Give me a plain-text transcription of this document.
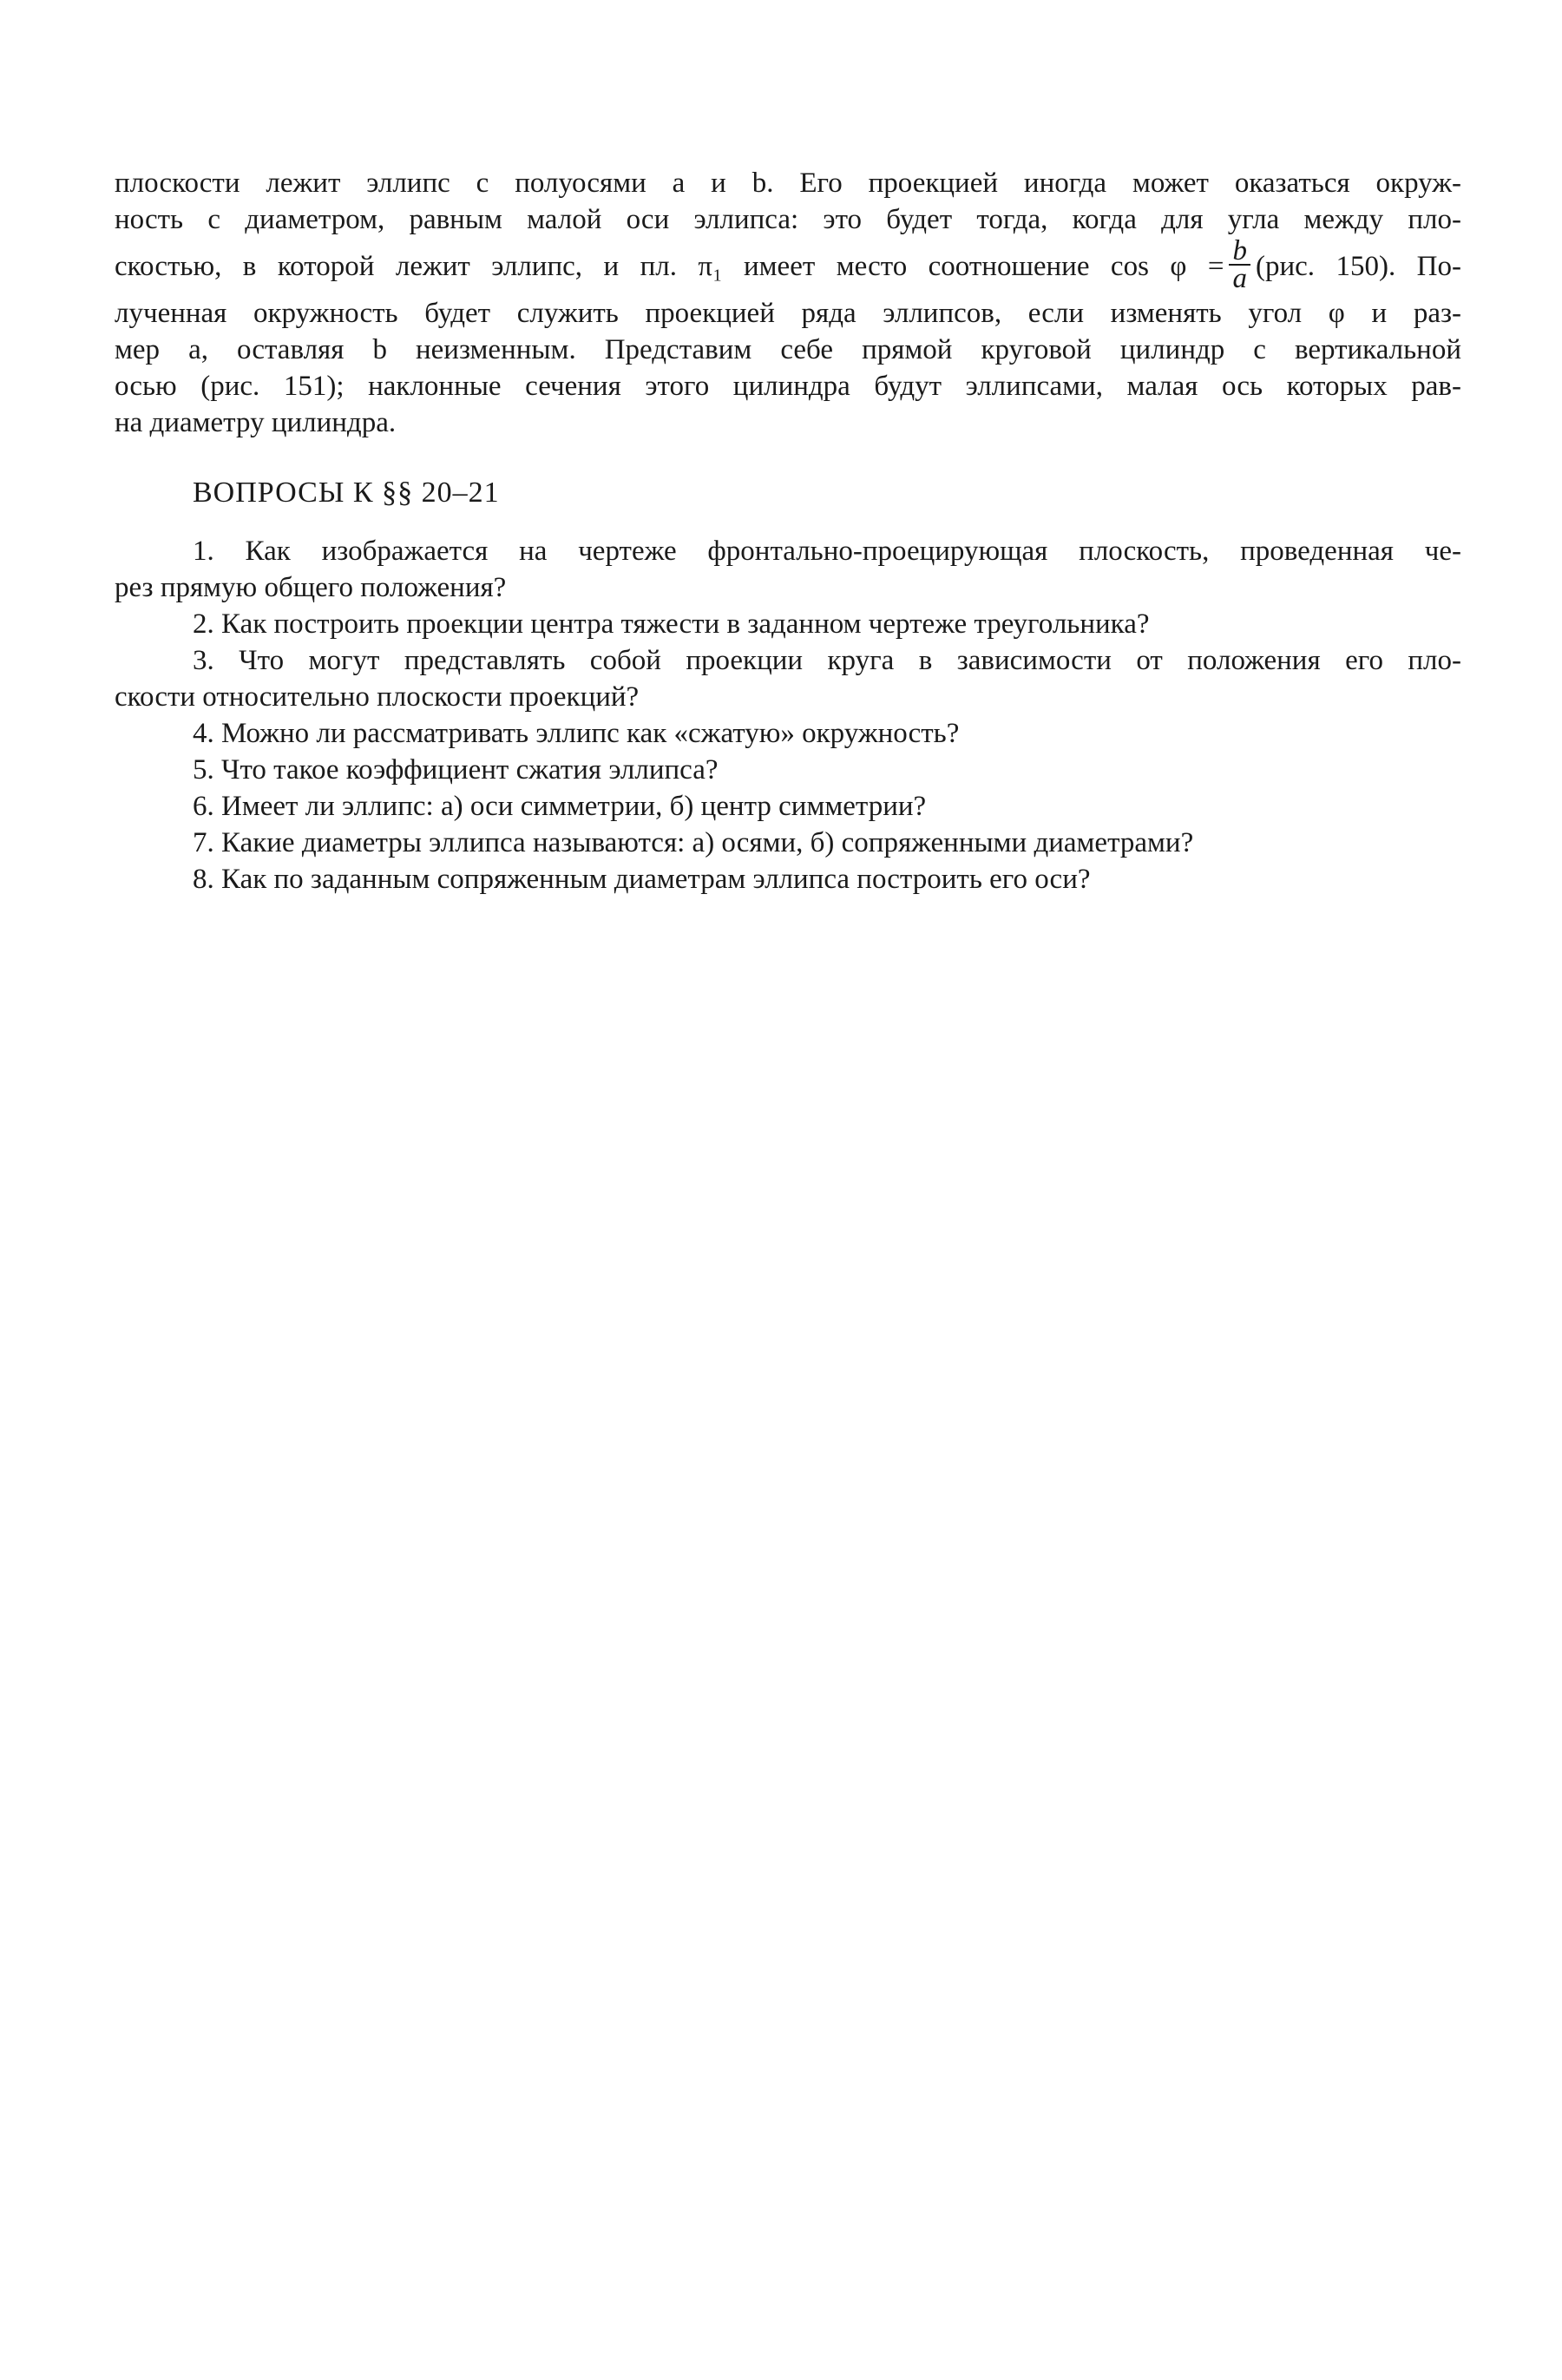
плоскости лежит эллипс с полуосями a и b. Его проекцией иногда может оказаться окруж-
ность с диаметром, равным малой оси эллипса: это будет тогда, когда для угла между пло-
скостью, в которой лежит эллипс, и пл. π₁ имеет место соотношение $\cos \varphi = \frac{b}{a} (рис$. 150). По-
лученная окружность будет служить проекцией ряда эллипсов, если изменять угол φ и раз-
мер a, оставляя b неизменным. Представим себе прямой круговой цилиндр с вертикальной
осью (рис. 151); наклонные сечения этого цилиндра будут эллипсами, малая ось которых рав-
на диаметру цилиндра.
ВОПРОСЫ К §§ 20–21
1. Как изображается на чертеже фронтально-проецирующая плоскость, проведенная че-
рез прямую общего положения?
2. Как построить проекции центра тяжести в заданном чертеже треугольника?
3. Что могут представлять собой проекции круга в зависимости от положения его пло-
скости относительно плоскости проекций?
4. Можно ли рассматривать эллипс как «сжатую» окружность?
5. Что такое коэффициент сжатия эллипса?
6. Имеет ли эллипс: а) оси симметрии, б) центр симметрии?
7. Какие диаметры эллипса называются: а) осями, б) сопряженными диаметрами?
8. Как по заданным сопряженным диаметрам эллипса построить его оси?
